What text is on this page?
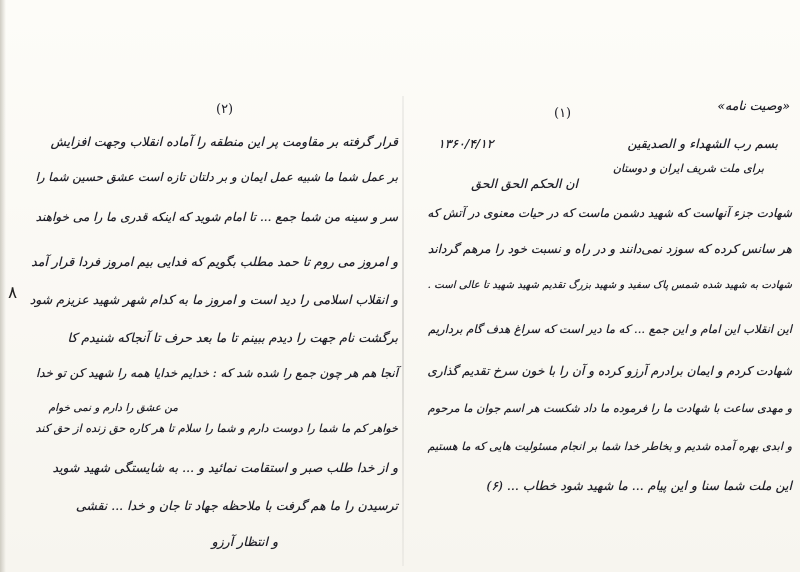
۸
«وصیت نامه»
(۱)
بسم رب الشهداء و الصدیقین
۱۳۶۰/۴/۱۲
برای ملت شریف ایران و دوستان
ان الحکم الحق الحق
شهادت جزء آنهاست که شهید دشمن ماست که در حیات معنوی در آتش که
هر سانس کرده که سوزد نمی‌دانند و در راه و نسبت خود را مرهم گرداند
شهادت به شهید شده شمس پاک سفید و شهید بزرگ تقدیم شهید شهید تا عالی است .
این انقلاب این امام و این جمع ... که ما دیر است که سراغ هدف گام برداریم
شهادت کردم و ایمان برادرم آرزو کرده و آن را با خون سرخ تقدیم گذاری
و مهدی ساعت با شهادت ما را فرموده ما داد شکست هر اسم جوان ما مرحوم
و ابدی بهره آمده شدیم و بخاطر خدا شما بر انجام مسئولیت هایی که ما هستیم
این ملت شما سنا و این پیام ... ما شهید شود خطاب ... (۶)
(۲)
قرار گرفته بر مقاومت پر این منطقه را آماده انقلاب وجهت افزایش
بر عمل شما ما شبیه عمل ایمان و بر دلتان تازه است عشق حسین شما را
سر و سینه من شما جمع ... تا امام شوید که اینکه قدری ما را می خواهند
و امروز می روم تا حمد مطلب بگویم که فدایی بیم امروز فردا قرار آمد
و انقلاب اسلامی را دید است و امروز ما به کدام شهر شهید عزیزم شود
برگشت نام جهت را دیدم ببینم تا ما بعد حرف تا آنجاکه شنیدم کا
آنجا هم هر چون جمع را شده شد که : خدایم خدایا همه را شهید کن تو خدا
من عشق را دارم و نمی خوام
خواهر کم ما شما را دوست دارم و شما را سلام تا هر کاره حق زنده از حق کند
و از خدا طلب صبر و استقامت نمائید و ... به شایستگی شهید شوید
ترسیدن را ما هم گرفت با ملاحظه جهاد تا جان و خدا ... نقشی
و انتظار آرزو
